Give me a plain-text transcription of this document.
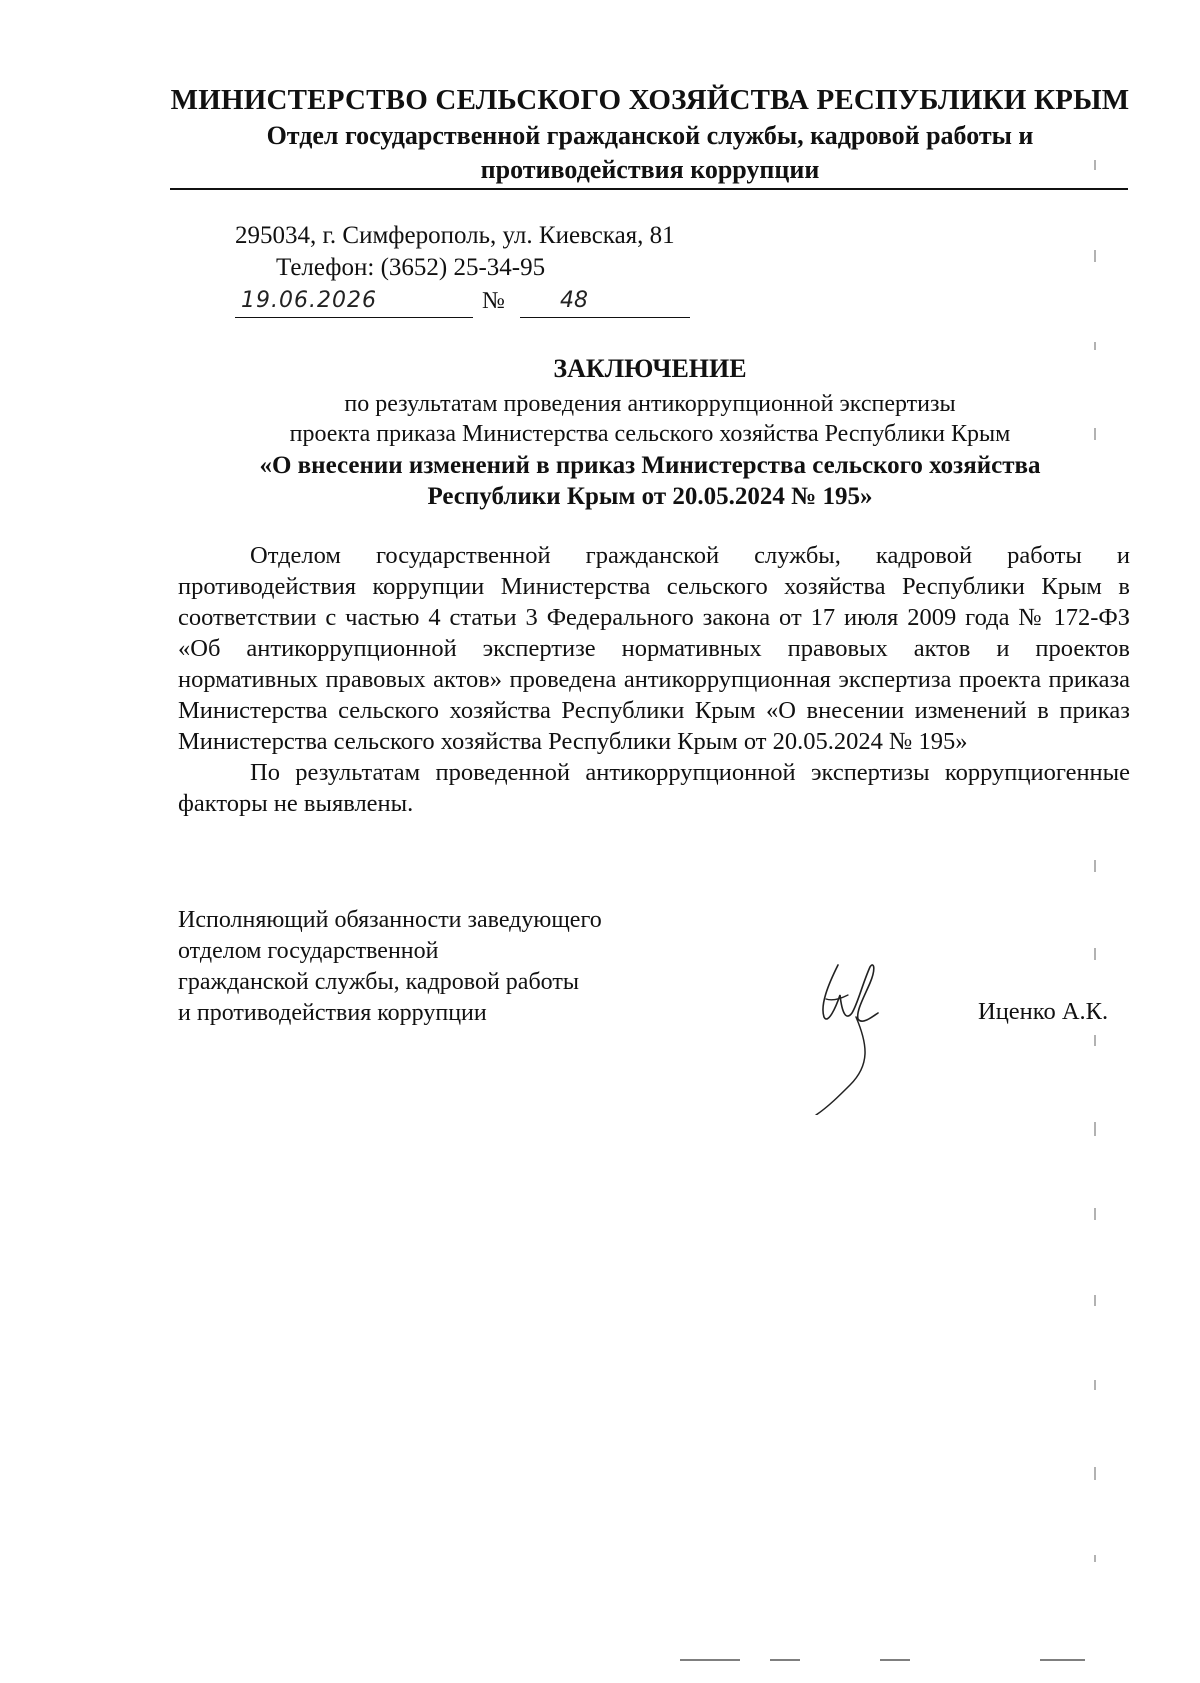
МИНИСТЕРСТВО СЕЛЬСКОГО ХОЗЯЙСТВА РЕСПУБЛИКИ КРЫМ
Отдел государственной гражданской службы, кадровой работы и
противодействия коррупции
295034, г. Симферополь, ул. Киевская, 81
Телефон: (3652) 25-34-95
19.06.2026	№	48
ЗАКЛЮЧЕНИЕ
по результатам проведения антикоррупционной экспертизы
проекта приказа Министерства сельского хозяйства Республики Крым
«О внесении изменений в приказ Министерства сельского хозяйства
Республики Крым от 20.05.2024 № 195»

Отделом государственной гражданской службы, кадровой работы и противодействия коррупции Министерства сельского хозяйства Республики Крым в соответствии с частью 4 статьи 3 Федерального закона от 17 июля 2009 года № 172-ФЗ «Об антикоррупционной экспертизе нормативных правовых актов и проектов нормативных правовых актов» проведена антикоррупционная экспертиза проекта приказа Министерства сельского хозяйства Республики Крым «О внесении изменений в приказ Министерства сельского хозяйства Республики Крым от 20.05.2024 № 195»

По результатам проведенной антикоррупционной экспертизы коррупциогенные факторы не выявлены.

Исполняющий обязанности заведующего
отделом государственной
гражданской службы, кадровой работы
и противодействия коррупции	Иценко А.К.
